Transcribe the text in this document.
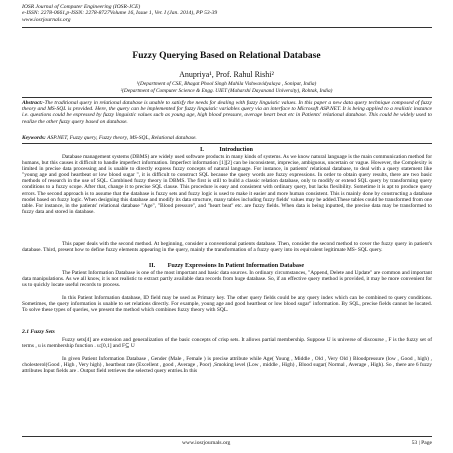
IOSR Journal of Computer Engineering (IOSR-JCE)
e-ISSN: 2278-0661,p-ISSN: 2278-8727Volume 16, Issue 1, Ver. I (Jan. 2014), PP 53-39
www.iosrjournals.org
Fuzzy Querying Based on Relational Database
Anupriya¹, Prof. Rahul Rishi²
¹(Department of CSE, Bhagat Phool Singh Mahila Vishwavidyalaya , Sonipat, India)
²(Department of Computer Science & Engg. UIET (Maharshi Dayanand University), Rohtak, India)
Abstract:-The traditional query in relational database is unable to satisfy the needs for dealing with fuzzy linguistic values. In this paper a new data query technique composed of fuzzy theory and MS-SQL is provided. Here, the query can be implemented for fuzzy linguistic variables query via an interface to Microsoft ASP.NET. It is being applied to a realistic instance i.e. questions could be expressed by fuzzy linguistic values such as young age, high blood pressure, average heart beat etc in Patients' relational database. This could be widely used to realize the other fuzzy query based on database.
Keywords: ASP.NET, Fuzzy query, Fuzzy theory, MS-SQL, Relational database.
I.          Introduction
Database management systems (DBMS) are widely used software products in many kinds of systems. As we know natural language is the main communication method for humans, but this causes it difficult to handle imperfect information. Imperfect information [1][2] can be inconsistent, imprecise, ambiguous, uncertain or vague. However, the Complexity is limited in precise data processing and is unable to directly express fuzzy concepts of natural language. For instance, in patients' relational database, to deal with a query statement like "young age and good heartbeat or low blood sugar ", it is difficult to construct SQL because the query words are fuzzy expressions. In order to obtain query results, there are two basic methods of research in the use of SQL. Combined fuzzy theory in DBMS. The first is still to build a classic relation database, only to modify or extend SQL query by transforming query conditions to a fuzzy scope. After that, change it to precise SQL clause. This procedure is easy and consistent with ordinary query, but lacks flexibility. Sometime it is apt to produce query errors. The second approach is to assume that the database is fuzzy sets and fuzzy logic is used to make it easier and more human consistent. This is mainly done by constructing a database model based on fuzzy logic. When designing this database and modify its data structure, many tables including fuzzy fields' values may be added.These tables could be transformed from one table. For instance, in the patients' relational database "Age", "Blood pressure", and "heart beat" etc. are fuzzy fields. When data is being inputted, the precise data may be transformed to fuzzy data and stored in database.
This paper deals with the second method. At beginning, consider a conventional patients database. Then, consider the second method to cover the fuzzy query in patient's database. Third, present how to define fuzzy elements appearing in the query, mainly the transformation of a fuzzy query into its equivalent legitimate MS- SQL query.
II.        Fuzzy Expressions In Patient Information Database
The Patient Information Database is one of the most important and basic data sources. In ordinary circumstances, "Append, Delete and Update" are common and important data manipulations. As we all know, it is not realistic to extract partly available data records from huge database. So, if an effective query method is provided, it may be more convenient for us to quickly locate useful records to process.
In this Patient Information database, ID field may be used as Primary key. The other query fields could be any query index which can be combined to query conditions. Sometimes, the query information is unable to set relations directly. For example, young age and good heartbeat or low blood sugar" information. By SQL, precise fields cannot be located. To solve these types of queries, we present the method which combines fuzzy theory with SQL.
2.1 Fuzzy Sets
Fuzzy sets[4] are extension and generalization of the basic concepts of crisp sets. It allows partial membership. Suppose U is universe of discourse , F is the fuzzy set of terms , u is membership function . u:[0,1] and F⊆ U
In given Patient Information Database , Gender (Male , Female ) is precise attribute while Age( Young , Middle , Old , Very Old ) Bloodpressure (low , Good , high) , cholesterol(Good , High , Very high) , heartbeat rate (Excellent , good , Average , Poor) ,Smoking level (Low , middle , High) , Blood sugar( Normal , Average , High). So , there are 6 fuzzy attributes Input fields are . Output field retrieves the selected query entries.In this
www.iosrjournals.org	53 | Page
